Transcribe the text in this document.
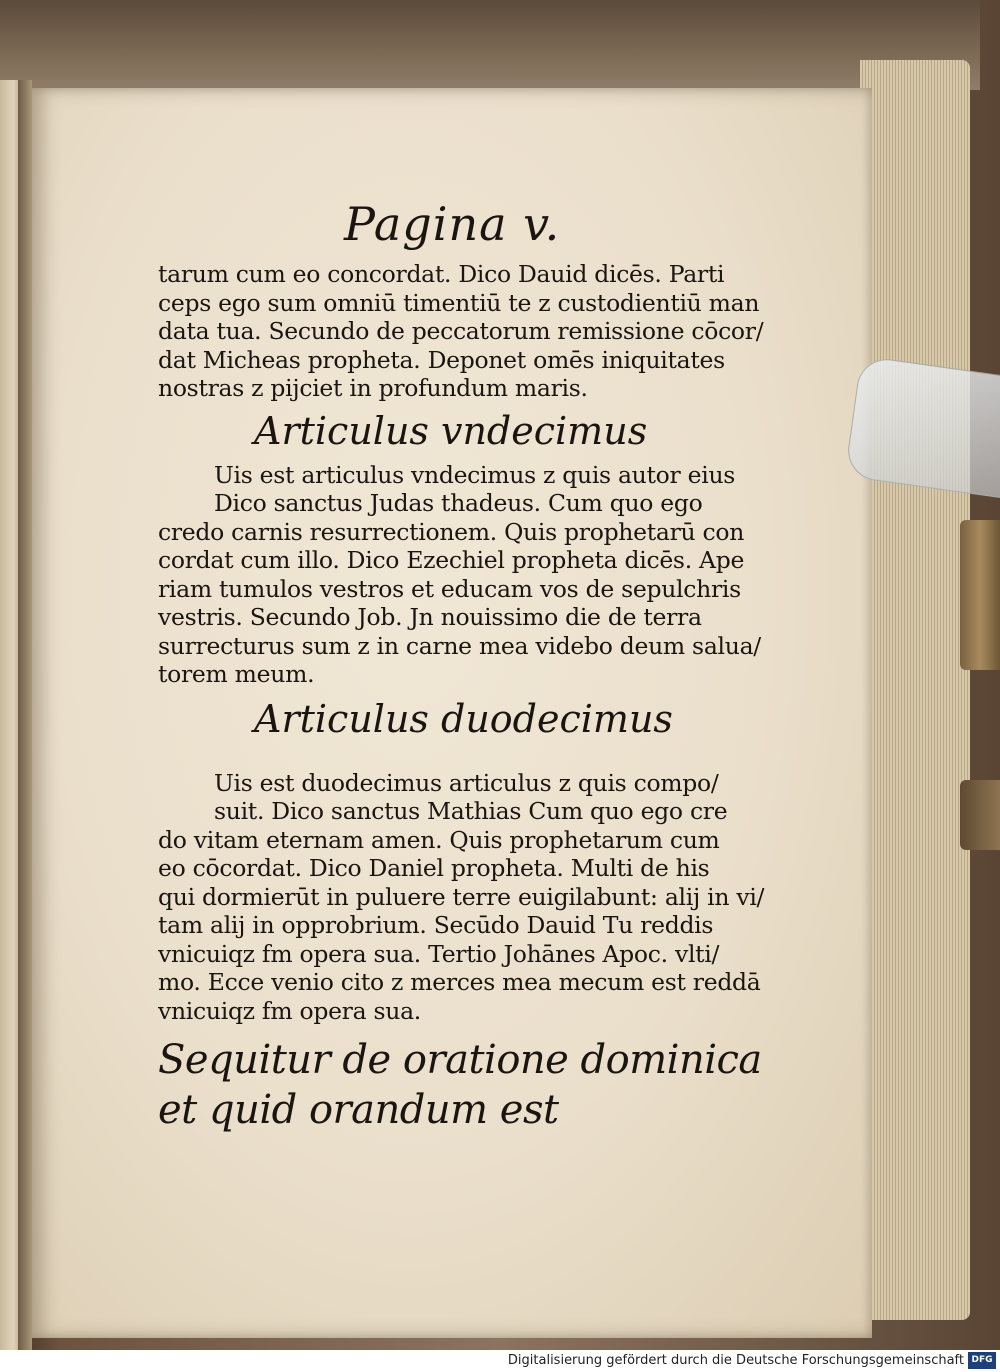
Pagina v.
tarum cum eo concordat. Dico Dauid dicēs. Parti
ceps ego sum omniū timentiū te z custodientiū man
data tua. Secundo de peccatorum remissione cōcor/
dat Micheas propheta. Deponet omēs iniquitates
nostras z pijciet in profundum maris.
Articulus vndecimus
Uis est articulus vndecimus z quis autor eius
Dico sanctus Judas thadeus. Cum quo ego
credo carnis resurrectionem. Quis prophetarū con
cordat cum illo. Dico Ezechiel propheta dicēs. Ape
riam tumulos vestros et educam vos de sepulchris
vestris. Secundo Job. Jn nouissimo die de terra
surrecturus sum z in carne mea videbo deum salua/
torem meum.
Articulus duodecimus
Uis est duodecimus articulus z quis compo/
suit. Dico sanctus Mathias Cum quo ego cre
do vitam eternam amen. Quis prophetarum cum
eo cōcordat. Dico Daniel propheta. Multi de his
qui dormierūt in puluere terre euigilabunt: alij in vi/
tam alij in opprobrium. Secūdo Dauid Tu reddis
vnicuiqz fm opera sua. Tertio Johānes Apoc. vlti/
mo. Ecce venio cito z merces mea mecum est reddā
vnicuiqz fm opera sua.
Sequitur de oratione dominica
et quid orandum est
Digitalisierung gefördert durch die Deutsche Forschungsgemeinschaft DFG
